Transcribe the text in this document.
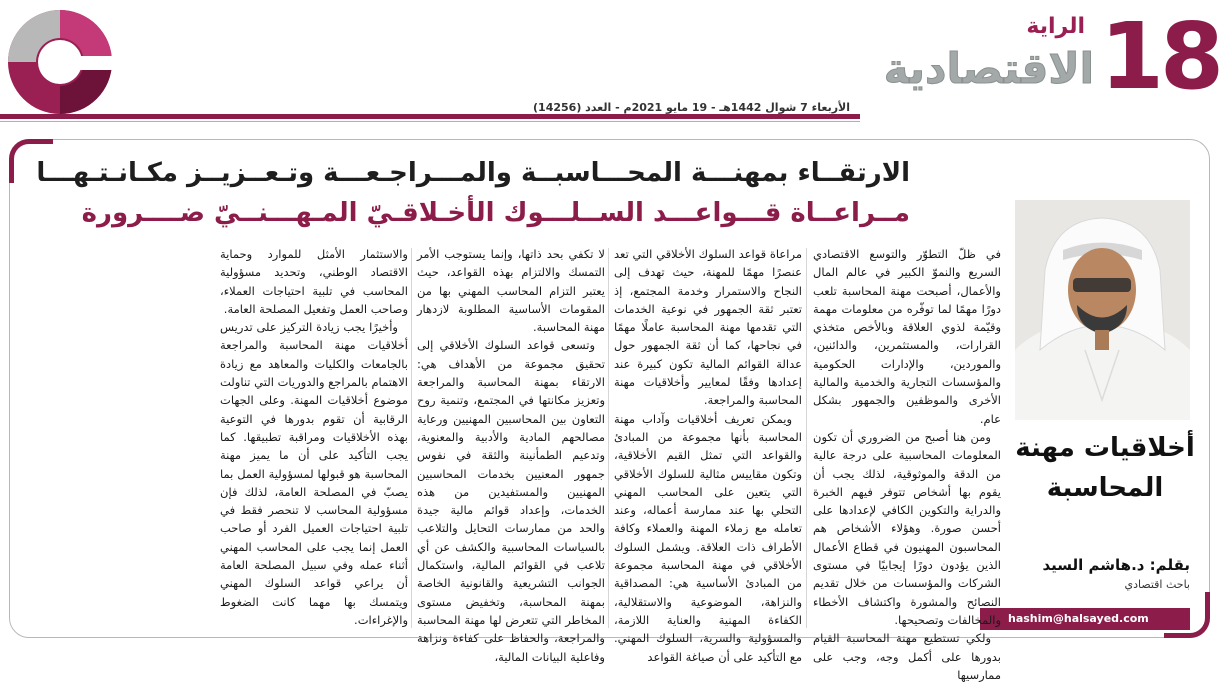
18
الراية
الاقتصادية
الأربعاء 7 شوال 1442هـ - 19 مايو 2021م - العدد (14256)
الارتقــاء بمهنـــة المحـــاسبــة والمـــراجـعـــة وتـعــزيــز مكـانـتـهـــا
مــراعــاة قـــواعـــد الســلـــوك الأخـلاقـيّ المـهـــنــيّ ضــــرورة
أخلاقيات مهنة المحاسبة
بقلم: د.هاشم السيد
باحث اقتصادي
hashim@halsayed.com

في ظلّ التطوّر والتوسع الاقتصادي السريع والنموّ الكبير في عالم المال والأعمال، أصبحت مهنة المحاسبة تلعب دورًا مهمًا لما توفّره من معلومات مهمة وقيّمة لذوي العلاقة وبالأخص متخذي القرارات، والمستثمرين، والدائنين، والموردين، والإدارات الحكومية والمؤسسات التجارية والخدمية والمالية الأخرى والموظفين والجمهور بشكل عام.

ومن هنا أصبح من الضروري أن تكون المعلومات المحاسبية على درجة عالية من الدقة والموثوقية، لذلك يجب أن يقوم بها أشخاص تتوفر فيهم الخبرة والدراية والتكوين الكافي لإعدادها على أحسن صورة. وهؤلاء الأشخاص هم المحاسبون المهنيون في قطاع الأعمال الذين يؤدون دورًا إيجابيًا في مستوى الشركات والمؤسسات من خلال تقديم النصائح والمشورة واكتشاف الأخطاء والمخالفات وتصحيحها.

ولكي تستطيع مهنة المحاسبة القيام بدورها على أكمل وجه، وجب على ممارسيها

مراعاة قواعد السلوك الأخلاقي التي تعد عنصرًا مهمًا للمهنة، حيث تهدف إلى النجاح والاستمرار وخدمة المجتمع، إذ تعتبر ثقة الجمهور في نوعية الخدمات التي تقدمها مهنة المحاسبة عاملًا مهمًا في نجاحها، كما أن ثقة الجمهور حول عدالة القوائم المالية تكون كبيرة عند إعدادها وفقًا لمعايير وأخلاقيات مهنة المحاسبة والمراجعة.

ويمكن تعريف أخلاقيات وآداب مهنة المحاسبة بأنها مجموعة من المبادئ والقواعد التي تمثل القيم الأخلاقية، وتكون مقاييس مثالية للسلوك الأخلاقي التي يتعين على المحاسب المهني التحلي بها عند ممارسة أعماله، وعند تعامله مع زملاء المهنة والعملاء وكافة الأطراف ذات العلاقة. ويشمل السلوك الأخلاقي في مهنة المحاسبة مجموعة من المبادئ الأساسية هي: المصداقية والنزاهة، الموضوعية والاستقلالية، الكفاءة المهنية والعناية اللازمة، والمسؤولية والسرية، السلوك المهني. مع التأكيد على أن صياغة القواعد

لا تكفي بحد ذاتها، وإنما يستوجب الأمر التمسك والالتزام بهذه القواعد، حيث يعتبر التزام المحاسب المهني بها من المقومات الأساسية المطلوبة لازدهار مهنة المحاسبة.

وتسعى قواعد السلوك الأخلاقي إلى تحقيق مجموعة من الأهداف هي: الارتقاء بمهنة المحاسبة والمراجعة وتعزيز مكانتها في المجتمع، وتنمية روح التعاون بين المحاسبين المهنيين ورعاية مصالحهم المادية والأدبية والمعنوية، وتدعيم الطمأنينة والثقة في نفوس جمهور المعنيين بخدمات المحاسبين المهنيين والمستفيدين من هذه الخدمات، وإعداد قوائم مالية جيدة والحد من ممارسات التحايل والتلاعب بالسياسات المحاسبية والكشف عن أي تلاعب في القوائم المالية، واستكمال الجوانب التشريعية والقانونية الخاصة بمهنة المحاسبة، وتخفيض مستوى المخاطر التي تتعرض لها مهنة المحاسبة والمراجعة، والحفاظ على كفاءة ونزاهة وفاعلية البيانات المالية،

والاستثمار الأمثل للموارد وحماية الاقتصاد الوطني، وتحديد مسؤولية المحاسب في تلبية احتياجات العملاء، وصاحب العمل وتفعيل المصلحة العامة.

وأخيرًا يجب زيادة التركيز على تدريس أخلاقيات مهنة المحاسبة والمراجعة بالجامعات والكليات والمعاهد مع زيادة الاهتمام بالمراجع والدوريات التي تناولت موضوع أخلاقيات المهنة. وعلى الجهات الرقابية أن تقوم بدورها في التوعية بهذه الأخلاقيات ومراقبة تطبيقها. كما يجب التأكيد على أن ما يميز مهنة المحاسبة هو قبولها لمسؤولية العمل بما يصبّ في المصلحة العامة، لذلك فإن مسؤولية المحاسب لا تنحصر فقط في تلبية احتياجات العميل الفرد أو صاحب العمل إنما يجب على المحاسب المهني أثناء عمله وفي سبيل المصلحة العامة أن يراعي قواعد السلوك المهني ويتمسك بها مهما كانت الضغوط والإغراءات.
